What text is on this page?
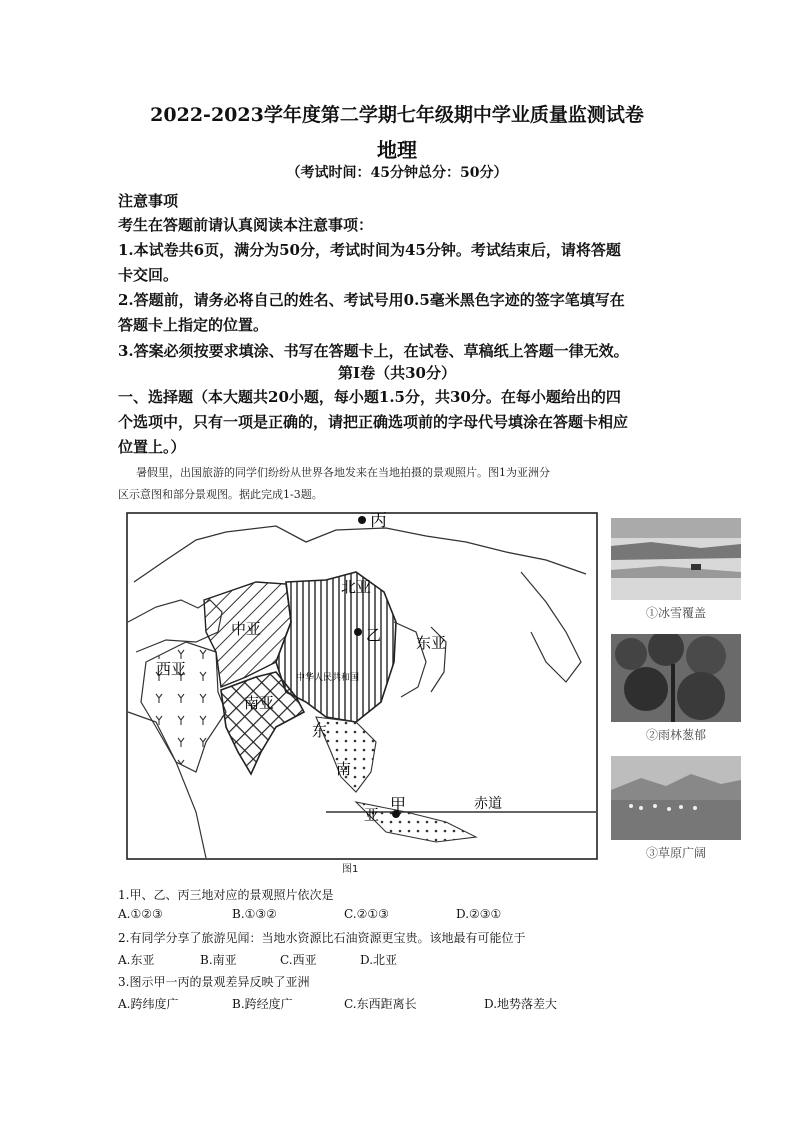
2022-2023学年度第二学期七年级期中学业质量监测试卷
地理
（考试时间：45分钟总分：50分）
注意事项
考生在答题前请认真阅读本注意事项：
1.本试卷共6页，满分为50分，考试时间为45分钟。考试结束后，请将答题
卡交回。
2.答题前，请务必将自己的姓名、考试号用0.5毫米黑色字迹的签字笔填写在
答题卡上指定的位置。
3.答案必须按要求填涂、书写在答题卡上，在试卷、草稿纸上答题一律无效。
第Ⅰ卷（共30分）
一、选择题（本大题共20小题，每小题1.5分，共30分。在每小题给出的四
个选项中，只有一项是正确的，请把正确选项前的字母代号填涂在答题卡相应
位置上。）
暑假里，出国旅游的同学们纷纷从世界各地发来在当地拍摄的景观照片。图1为亚洲分
区示意图和部分景观图。据此完成1-3题。
丙
北亚
中亚	乙 东亚
西亚	中华人民共和国
南亚
东
南
亚
甲	赤道
图1
①冰雪覆盖
②雨林葱郁
③草原广阔
1.甲、乙、丙三地对应的景观照片依次是
A.①②③	B.①③②	C.②①③	D.②③①
2.有同学分享了旅游见闻：当地水资源比石油资源更宝贵。该地最有可能位于
A.东亚	B.南亚	C.西亚	D.北亚
3.图示甲一丙的景观差异反映了亚洲
A.跨纬度广	B.跨经度广	C.东西距离长	D.地势落差大
